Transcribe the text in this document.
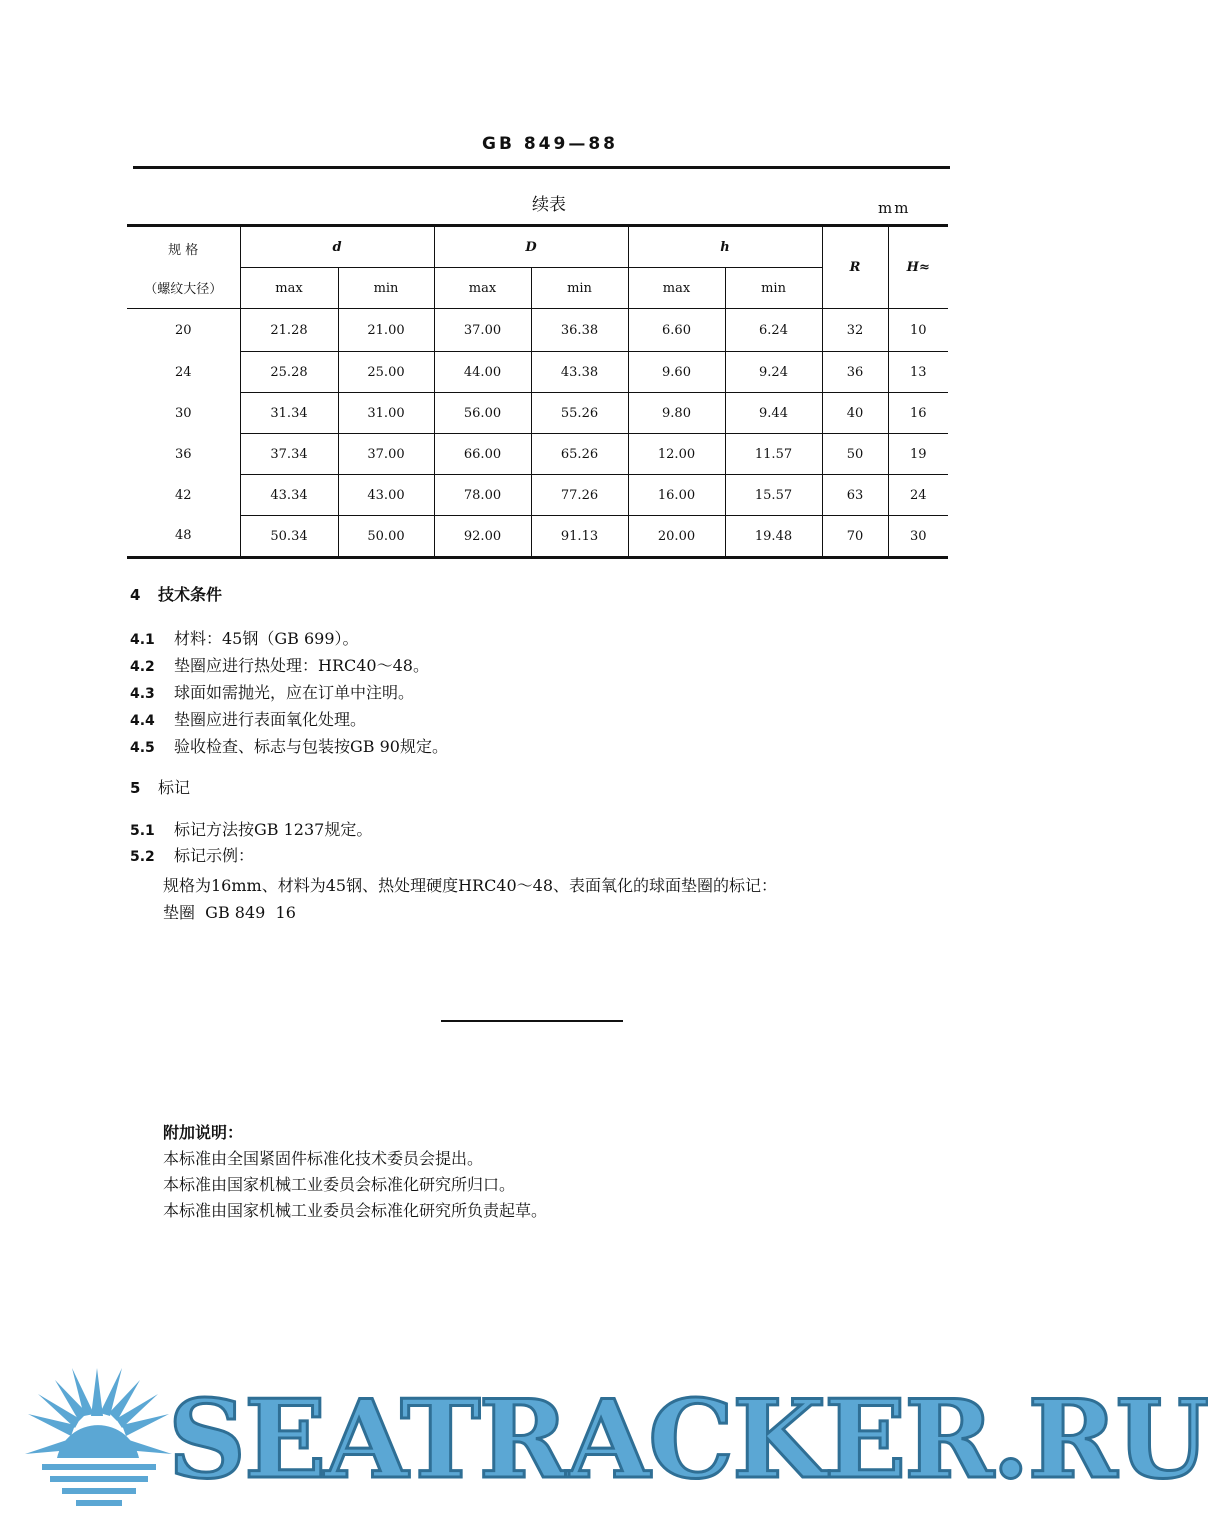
GB 849—88
续表	mm
规 格
（螺纹大径）	d		D		h		R	H≈
	max	min	max	min	max	min		
20	21.28	21.00	37.00	36.38	6.60	6.24	32	10
24	25.28	25.00	44.00	43.38	9.60	9.24	36	13
30	31.34	31.00	56.00	55.26	9.80	9.44	40	16
36	37.34	37.00	66.00	65.26	12.00	11.57	50	19
42	43.34	43.00	78.00	77.26	16.00	15.57	63	24
48	50.34	50.00	92.00	91.13	20.00	19.48	70	30
4 技术条件
4.1 材料：45钢（GB 699）。
4.2 垫圈应进行热处理：HRC40～48。
4.3 球面如需抛光，应在订单中注明。
4.4 垫圈应进行表面氧化处理。
4.5 验收检查、标志与包装按GB 90规定。
5 标记
5.1 标记方法按GB 1237规定。
5.2 标记示例：
规格为16mm、材料为45钢、热处理硬度HRC40～48、表面氧化的球面垫圈的标记：
垫圈  GB 849  16
附加说明：
本标准由全国紧固件标准化技术委员会提出。
本标准由国家机械工业委员会标准化研究所归口。
本标准由国家机械工业委员会标准化研究所负责起草。
SEATRACKER.RU
